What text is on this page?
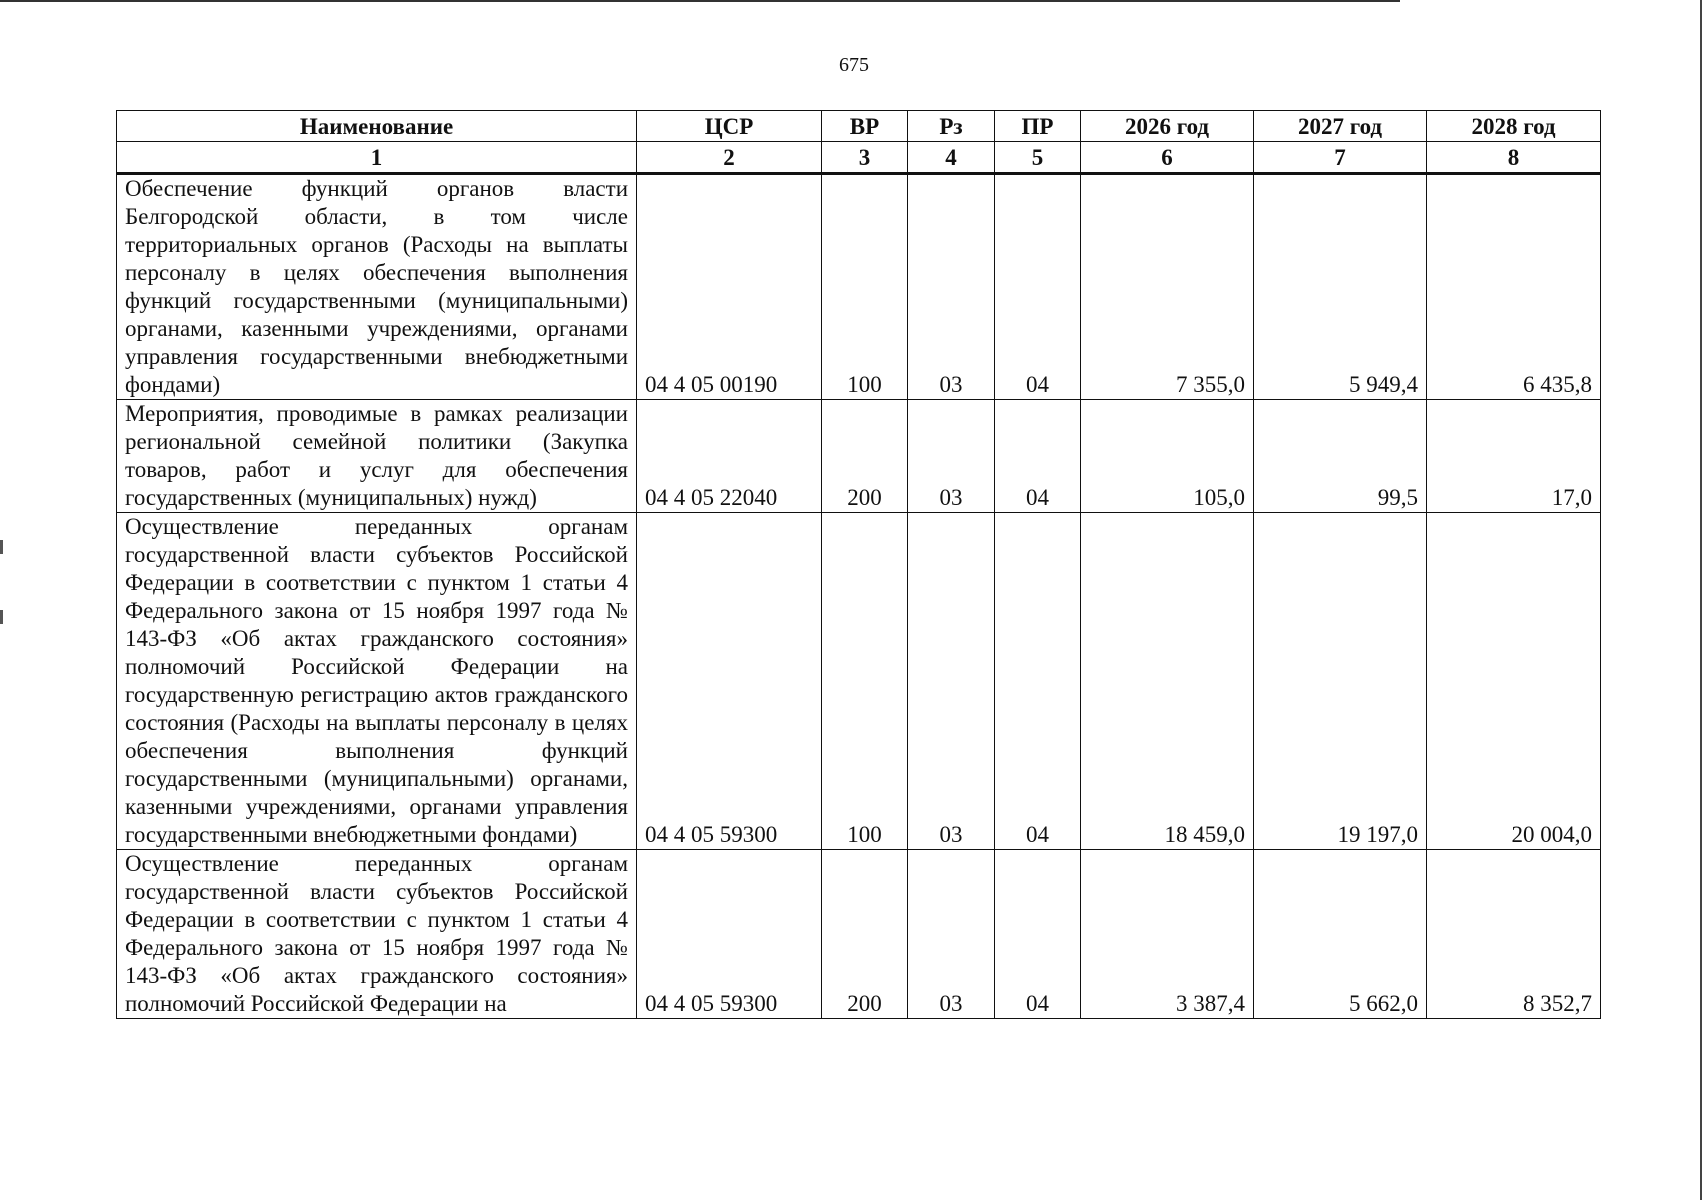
675
Наименование	ЦСР	ВР	Рз	ПР	2026 год	2027 год	2028 год
1	2	3	4	5	6	7	8
Обеспечение функций органов власти Белгородской области, в том числе территориальных органов (Расходы на выплаты персоналу в целях обеспечения выполнения функций государственными (муниципальными) органами, казенными учреждениями, органами управления государственными внебюджетными фондами)	04 4 05 00190	100	03	04	7 355,0	5 949,4	6 435,8
Мероприятия, проводимые в рамках реализации региональной семейной политики (Закупка товаров, работ и услуг для обеспечения государственных (муниципальных) нужд)	04 4 05 22040	200	03	04	105,0	99,5	17,0
Осуществление переданных органам государственной власти субъектов Российской Федерации в соответствии с пунктом 1 статьи 4 Федерального закона от 15 ноября 1997 года № 143-ФЗ «Об актах гражданского состояния» полномочий Российской Федерации на государственную регистрацию актов гражданского состояния (Расходы на выплаты персоналу в целях обеспечения выполнения функций государственными (муниципальными) органами, казенными учреждениями, органами управления государственными внебюджетными фондами)	04 4 05 59300	100	03	04	18 459,0	19 197,0	20 004,0
Осуществление переданных органам государственной власти субъектов Российской Федерации в соответствии с пунктом 1 статьи 4 Федерального закона от 15 ноября 1997 года № 143-ФЗ «Об актах гражданского состояния» полномочий Российской Федерации на	04 4 05 59300	200	03	04	3 387,4	5 662,0	8 352,7
